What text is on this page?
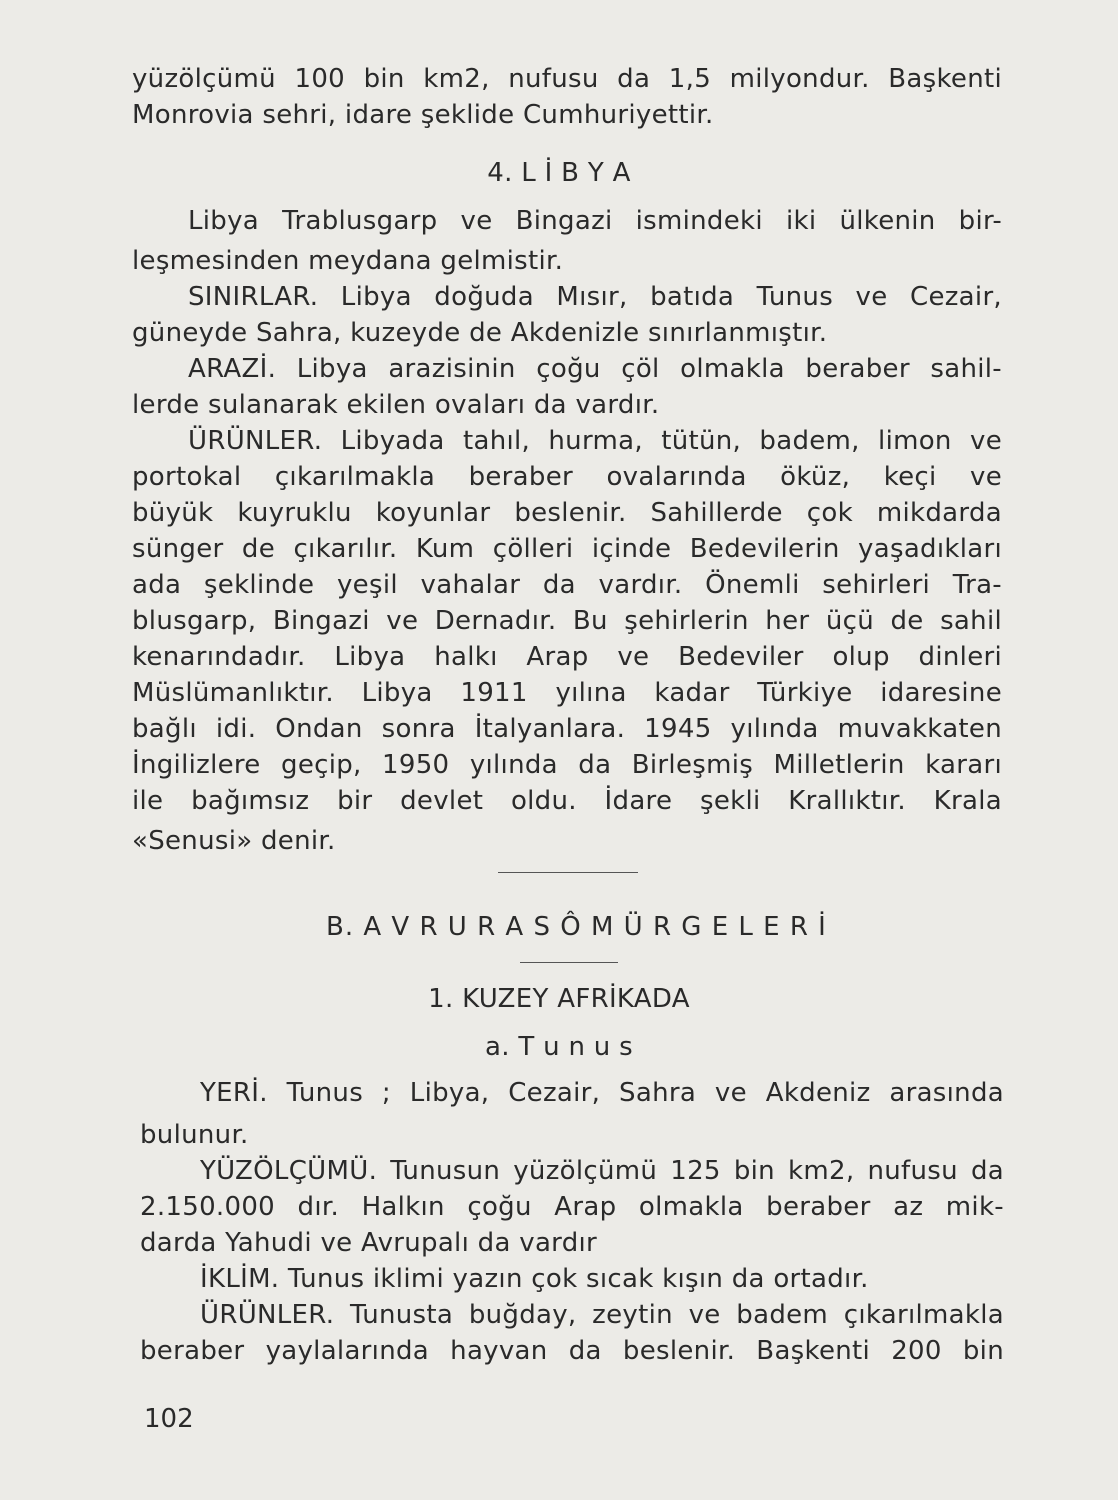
yüzölçümü 100 bin km2, nufusu da 1,5 milyondur. Başkenti
Monrovia sehri, idare şeklide Cumhuriyettir.
4. L İ B Y A
Libya Trablusgarp ve Bingazi ismindeki iki ülkenin bir-
leşmesinden meydana gelmistir.
SINIRLAR. Libya doğuda Mısır, batıda Tunus ve Cezair,
güneyde Sahra, kuzeyde de Akdenizle sınırlanmıştır.
ARAZİ. Libya arazisinin çoğu çöl olmakla beraber sahil-
lerde sulanarak ekilen ovaları da vardır.
ÜRÜNLER. Libyada tahıl, hurma, tütün, badem, limon ve
portokal çıkarılmakla beraber ovalarında öküz, keçi ve
büyük kuyruklu koyunlar beslenir. Sahillerde çok mikdarda
sünger de çıkarılır. Kum çölleri içinde Bedevilerin yaşadıkları
ada şeklinde yeşil vahalar da vardır. Önemli sehirleri Tra-
blusgarp, Bingazi ve Dernadır. Bu şehirlerin her üçü de sahil
kenarındadır. Libya halkı Arap ve Bedeviler olup dinleri
Müslümanlıktır. Libya 1911 yılına kadar Türkiye idaresine
bağlı idi. Ondan sonra İtalyanlara. 1945 yılında muvakkaten
İngilizlere geçip, 1950 yılında da Birleşmiş Milletlerin kararı
ile bağımsız bir devlet oldu. İdare şekli Krallıktır. Krala
«Senusi» denir.
B. A V R U R A S Ô M Ü R G E L E R İ
1. KUZEY AFRİKADA
a. T u n u s
YERİ. Tunus ; Libya, Cezair, Sahra ve Akdeniz arasında
bulunur.
YÜZÖLÇÜMÜ. Tunusun yüzölçümü 125 bin km2, nufusu da
2.150.000 dır. Halkın çoğu Arap olmakla beraber az mik-
darda Yahudi ve Avrupalı da vardır
İKLİM. Tunus iklimi yazın çok sıcak kışın da ortadır.
ÜRÜNLER. Tunusta buğday, zeytin ve badem çıkarılmakla
beraber yaylalarında hayvan da beslenir. Başkenti 200 bin
102
